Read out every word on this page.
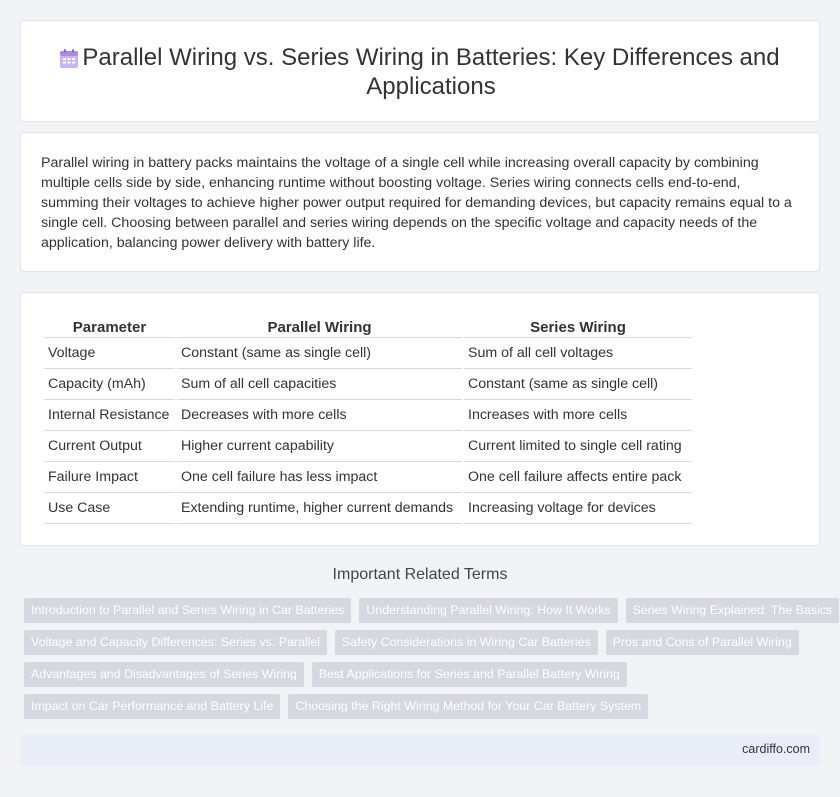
Parallel Wiring vs. Series Wiring in Batteries: Key Differences and Applications

Parallel wiring in battery packs maintains the voltage of a single cell while increasing overall capacity by combining multiple cells side by side, enhancing runtime without boosting voltage. Series wiring connects cells end-to-end, summing their voltages to achieve higher power output required for demanding devices, but capacity remains equal to a single cell. Choosing between parallel and series wiring depends on the specific voltage and capacity needs of the application, balancing power delivery with battery life.

Parameter	Parallel Wiring	Series Wiring
Voltage	Constant (same as single cell)	Sum of all cell voltages
Capacity (mAh)	Sum of all cell capacities	Constant (same as single cell)
Internal Resistance	Decreases with more cells	Increases with more cells
Current Output	Higher current capability	Current limited to single cell rating
Failure Impact	One cell failure has less impact	One cell failure affects entire pack
Use Case	Extending runtime, higher current demands	Increasing voltage for devices
Important Related Terms
Introduction to Parallel and Series Wiring in Car Batteries	Understanding Parallel Wiring: How It Works	Series Wiring Explained: The Basics
Voltage and Capacity Differences: Series vs. Parallel	Safety Considerations in Wiring Car Batteries	Pros and Cons of Parallel Wiring
Advantages and Disadvantages of Series Wiring	Best Applications for Series and Parallel Battery Wiring
Impact on Car Performance and Battery Life	Choosing the Right Wiring Method for Your Car Battery System
cardiffo.com
